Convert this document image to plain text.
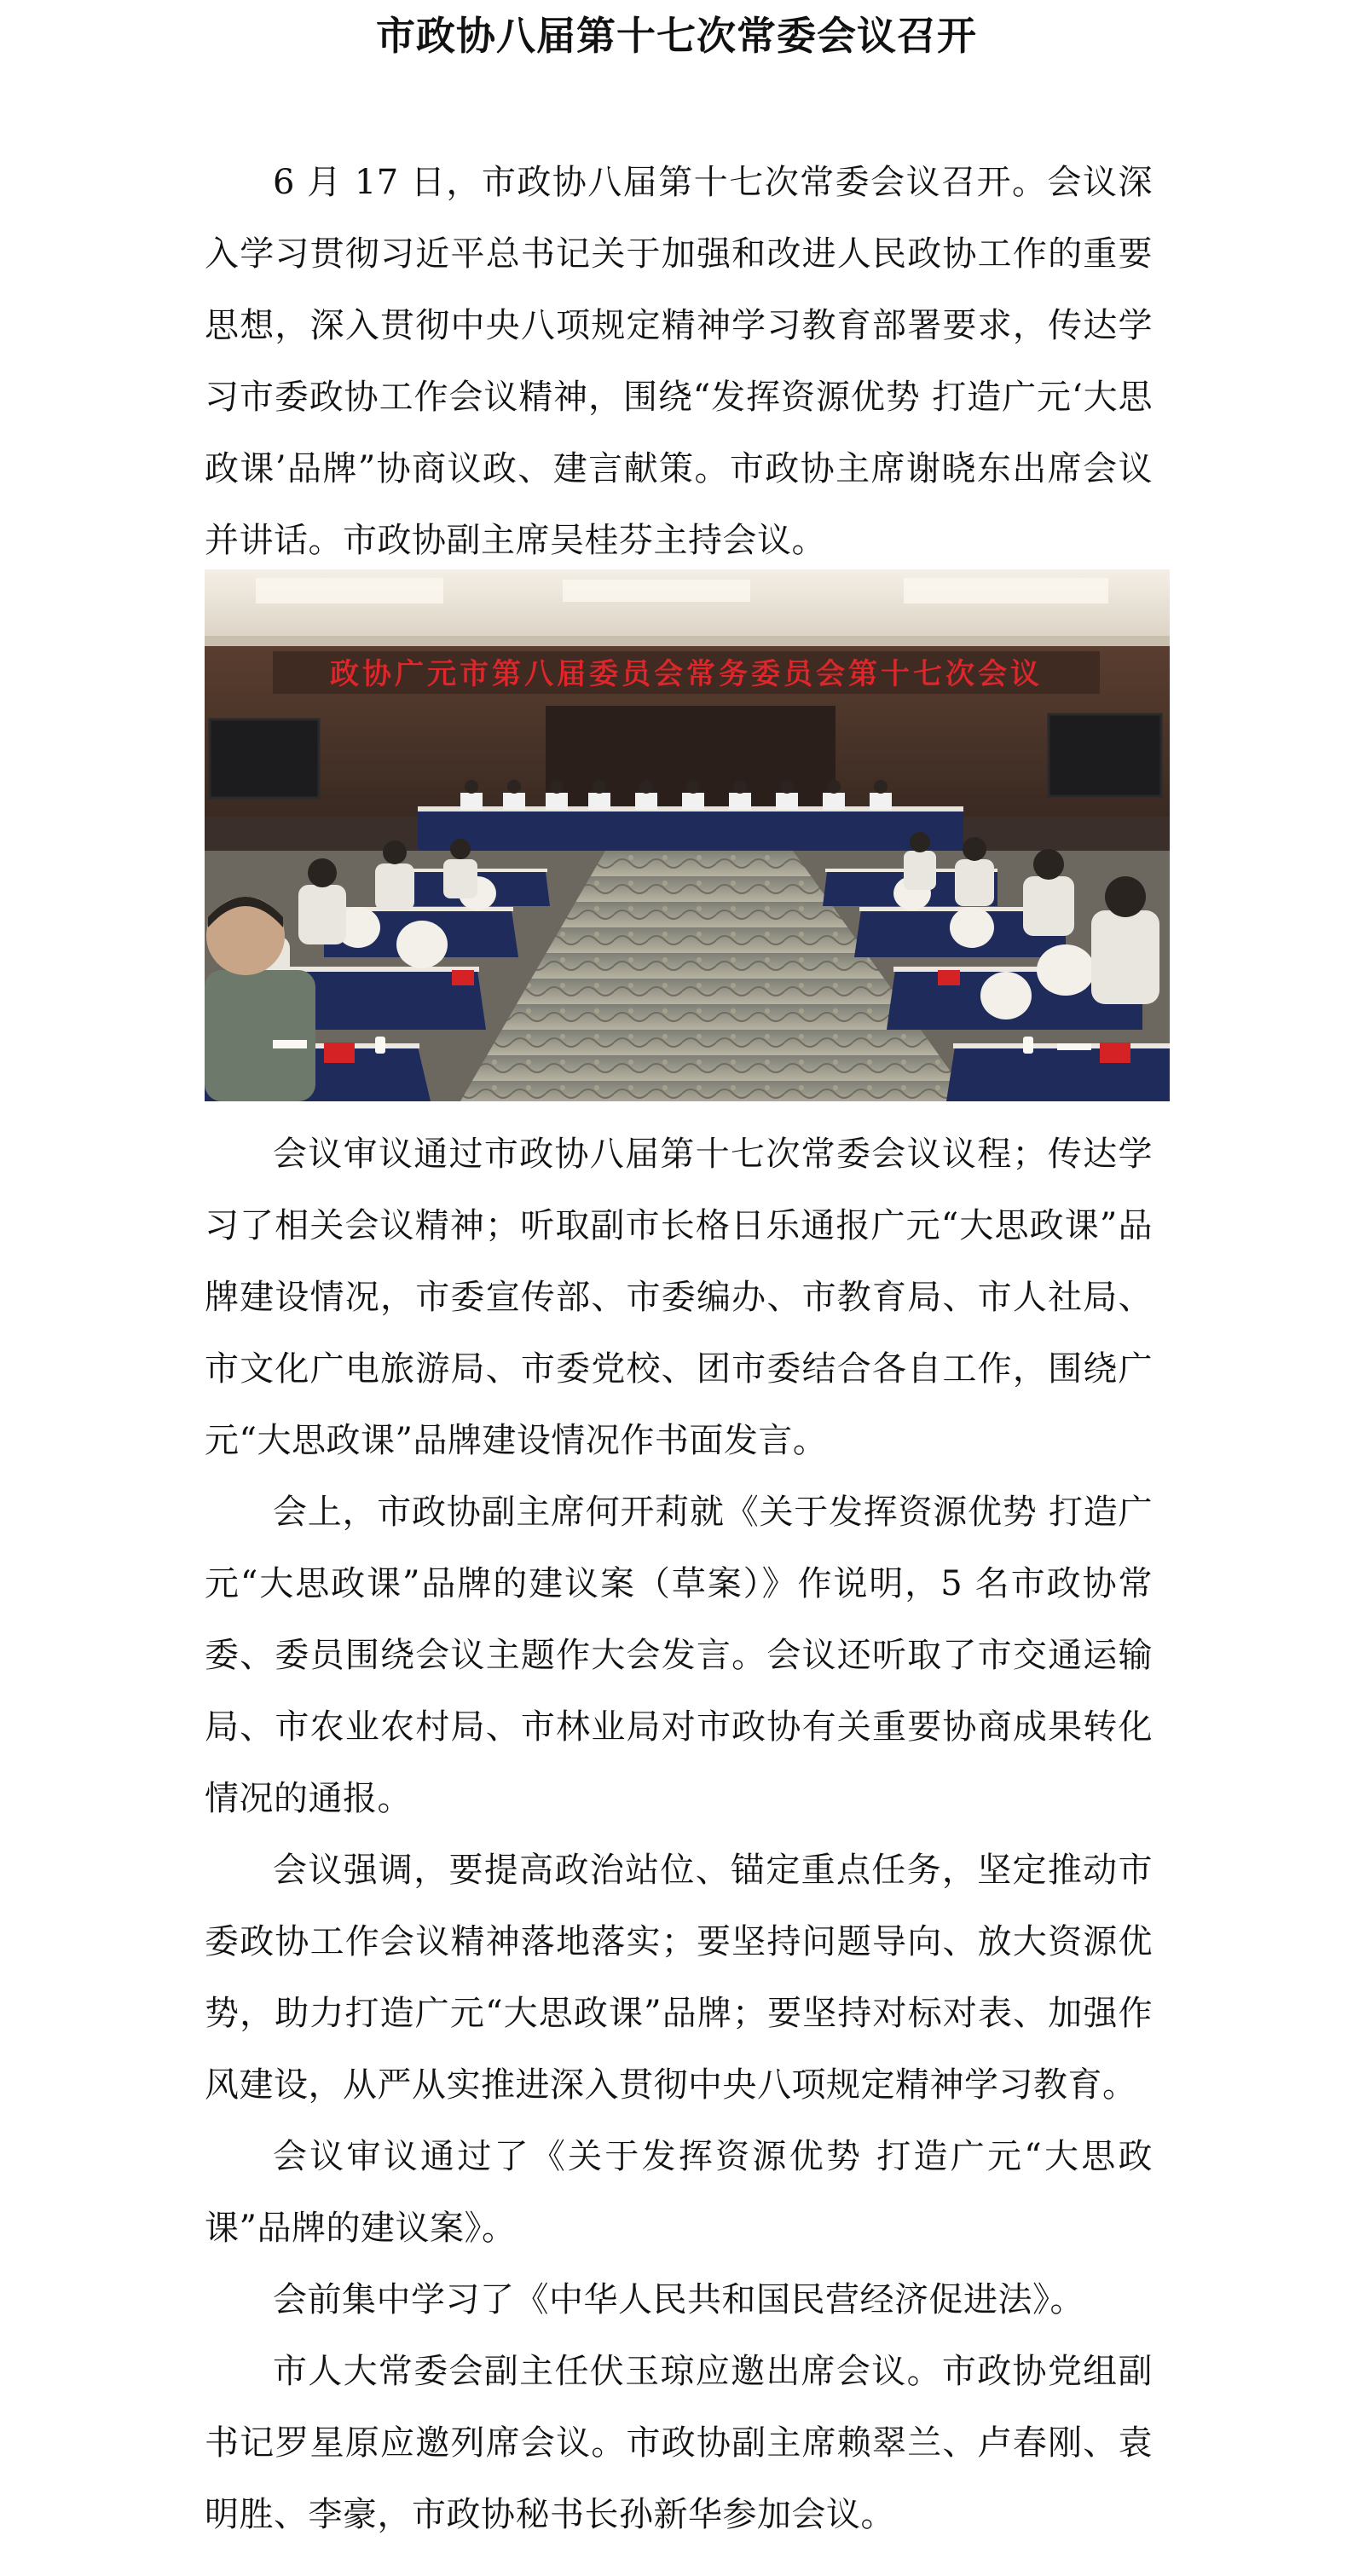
市政协八届第十七次常委会议召开

6 月 17 日，市政协八届第十七次常委会议召开。会议深入学习贯彻习近平总书记关于加强和改进人民政协工作的重要思想，深入贯彻中央八项规定精神学习教育部署要求，传达学习市委政协工作会议精神，围绕“发挥资源优势 打造广元‘大思政课’品牌”协商议政、建言献策。市政协主席谢晓东出席会议并讲话。市政协副主席吴桂芬主持会议。

政协广元市第八届委员会常务委员会第十七次会议

会议审议通过市政协八届第十七次常委会议议程；传达学习了相关会议精神；听取副市长格日乐通报广元“大思政课”品牌建设情况，市委宣传部、市委编办、市教育局、市人社局、市文化广电旅游局、市委党校、团市委结合各自工作，围绕广元“大思政课”品牌建设情况作书面发言。

会上，市政协副主席何开莉就《关于发挥资源优势 打造广元“大思政课”品牌的建议案（草案）》作说明，5 名市政协常委、委员围绕会议主题作大会发言。会议还听取了市交通运输局、市农业农村局、市林业局对市政协有关重要协商成果转化情况的通报。

会议强调，要提高政治站位、锚定重点任务，坚定推动市委政协工作会议精神落地落实；要坚持问题导向、放大资源优势，助力打造广元“大思政课”品牌；要坚持对标对表、加强作风建设，从严从实推进深入贯彻中央八项规定精神学习教育。

会议审议通过了《关于发挥资源优势 打造广元“大思政课”品牌的建议案》。

会前集中学习了《中华人民共和国民营经济促进法》。

市人大常委会副主任伏玉琼应邀出席会议。市政协党组副书记罗星原应邀列席会议。市政协副主席赖翠兰、卢春刚、袁明胜、李豪，市政协秘书长孙新华参加会议。
